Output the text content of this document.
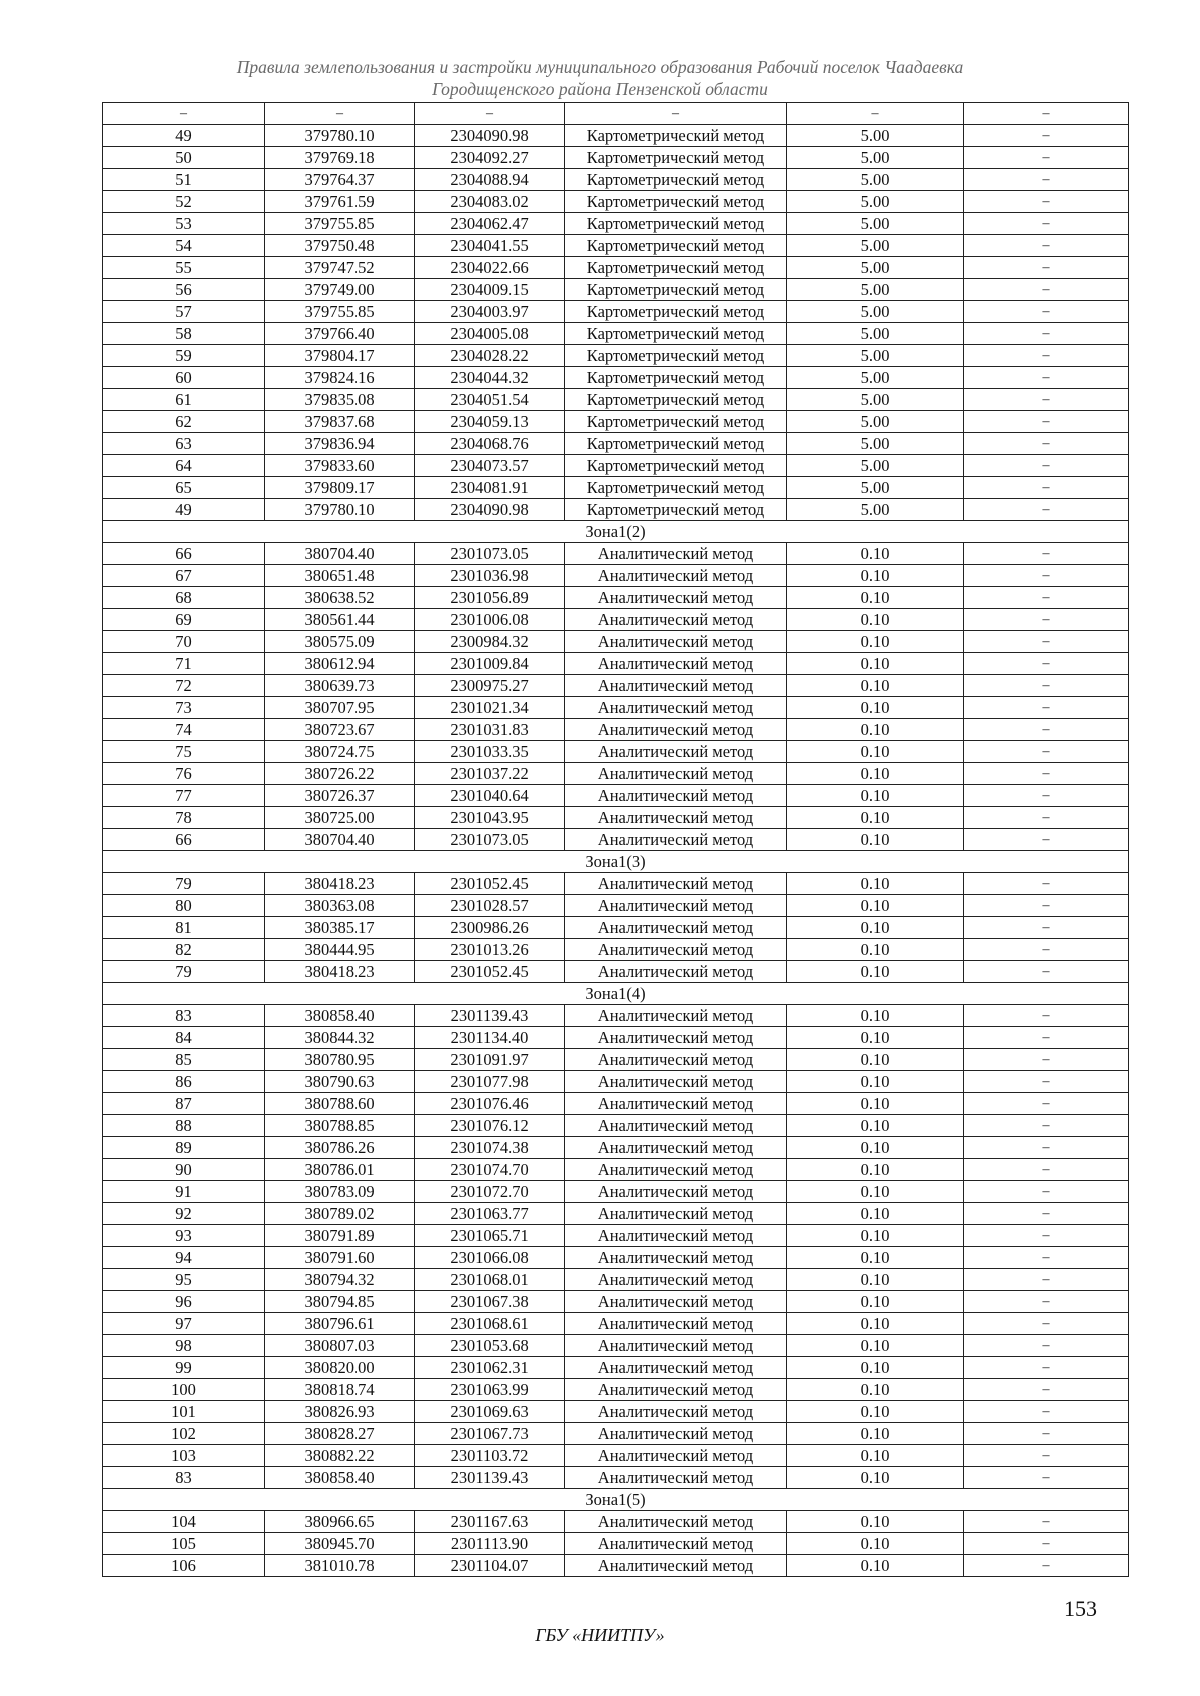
Правила землепользования и застройки муниципального образования Рабочий поселок Чаадаевка
Городищенского района Пензенской области
–	–	–	–	–	–
49	379780.10	2304090.98	Картометрический метод	5.00	–
50	379769.18	2304092.27	Картометрический метод	5.00	–
51	379764.37	2304088.94	Картометрический метод	5.00	–
52	379761.59	2304083.02	Картометрический метод	5.00	–
53	379755.85	2304062.47	Картометрический метод	5.00	–
54	379750.48	2304041.55	Картометрический метод	5.00	–
55	379747.52	2304022.66	Картометрический метод	5.00	–
56	379749.00	2304009.15	Картометрический метод	5.00	–
57	379755.85	2304003.97	Картометрический метод	5.00	–
58	379766.40	2304005.08	Картометрический метод	5.00	–
59	379804.17	2304028.22	Картометрический метод	5.00	–
60	379824.16	2304044.32	Картометрический метод	5.00	–
61	379835.08	2304051.54	Картометрический метод	5.00	–
62	379837.68	2304059.13	Картометрический метод	5.00	–
63	379836.94	2304068.76	Картометрический метод	5.00	–
64	379833.60	2304073.57	Картометрический метод	5.00	–
65	379809.17	2304081.91	Картометрический метод	5.00	–
49	379780.10	2304090.98	Картометрический метод	5.00	–
Зона1(2)					
66	380704.40	2301073.05	Аналитический метод	0.10	–
67	380651.48	2301036.98	Аналитический метод	0.10	–
68	380638.52	2301056.89	Аналитический метод	0.10	–
69	380561.44	2301006.08	Аналитический метод	0.10	–
70	380575.09	2300984.32	Аналитический метод	0.10	–
71	380612.94	2301009.84	Аналитический метод	0.10	–
72	380639.73	2300975.27	Аналитический метод	0.10	–
73	380707.95	2301021.34	Аналитический метод	0.10	–
74	380723.67	2301031.83	Аналитический метод	0.10	–
75	380724.75	2301033.35	Аналитический метод	0.10	–
76	380726.22	2301037.22	Аналитический метод	0.10	–
77	380726.37	2301040.64	Аналитический метод	0.10	–
78	380725.00	2301043.95	Аналитический метод	0.10	–
66	380704.40	2301073.05	Аналитический метод	0.10	–
Зона1(3)					
79	380418.23	2301052.45	Аналитический метод	0.10	–
80	380363.08	2301028.57	Аналитический метод	0.10	–
81	380385.17	2300986.26	Аналитический метод	0.10	–
82	380444.95	2301013.26	Аналитический метод	0.10	–
79	380418.23	2301052.45	Аналитический метод	0.10	–
Зона1(4)					
83	380858.40	2301139.43	Аналитический метод	0.10	–
84	380844.32	2301134.40	Аналитический метод	0.10	–
85	380780.95	2301091.97	Аналитический метод	0.10	–
86	380790.63	2301077.98	Аналитический метод	0.10	–
87	380788.60	2301076.46	Аналитический метод	0.10	–
88	380788.85	2301076.12	Аналитический метод	0.10	–
89	380786.26	2301074.38	Аналитический метод	0.10	–
90	380786.01	2301074.70	Аналитический метод	0.10	–
91	380783.09	2301072.70	Аналитический метод	0.10	–
92	380789.02	2301063.77	Аналитический метод	0.10	–
93	380791.89	2301065.71	Аналитический метод	0.10	–
94	380791.60	2301066.08	Аналитический метод	0.10	–
95	380794.32	2301068.01	Аналитический метод	0.10	–
96	380794.85	2301067.38	Аналитический метод	0.10	–
97	380796.61	2301068.61	Аналитический метод	0.10	–
98	380807.03	2301053.68	Аналитический метод	0.10	–
99	380820.00	2301062.31	Аналитический метод	0.10	–
100	380818.74	2301063.99	Аналитический метод	0.10	–
101	380826.93	2301069.63	Аналитический метод	0.10	–
102	380828.27	2301067.73	Аналитический метод	0.10	–
103	380882.22	2301103.72	Аналитический метод	0.10	–
83	380858.40	2301139.43	Аналитический метод	0.10	–
Зона1(5)					
104	380966.65	2301167.63	Аналитический метод	0.10	–
105	380945.70	2301113.90	Аналитический метод	0.10	–
106	381010.78	2301104.07	Аналитический метод	0.10	–
153
ГБУ «НИИТПУ»
